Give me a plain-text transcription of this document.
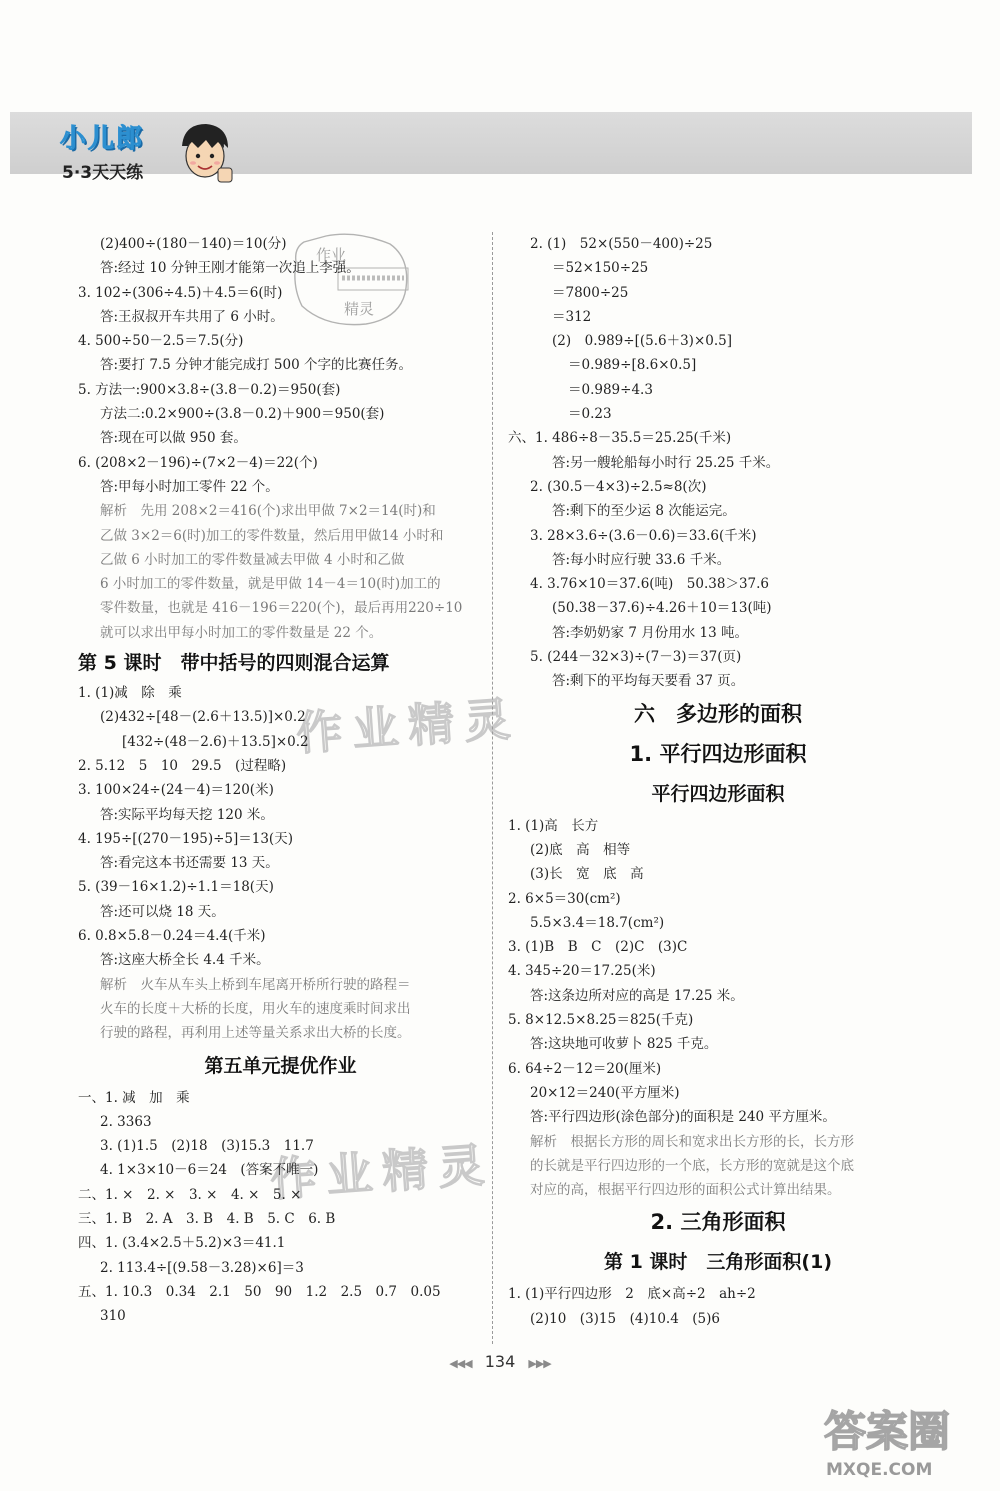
小儿郎
5·3天天练
作业
精灵
作业精灵
作业精灵
(2)400÷(180－140)＝10(分)
答:经过 10 分钟王刚才能第一次追上李强。
3. 102÷(306÷4.5)＋4.5＝6(时)
答:王叔叔开车共用了 6 小时。
4. 500÷50－2.5＝7.5(分)
答:要打 7.5 分钟才能完成打 500 个字的比赛任务。
5. 方法一:900×3.8÷(3.8－0.2)＝950(套)
方法二:0.2×900÷(3.8－0.2)＋900＝950(套)
答:现在可以做 950 套。
6. (208×2－196)÷(7×2－4)＝22(个)
答:甲每小时加工零件 22 个。
解析　先用 208×2＝416(个)求出甲做 7×2＝14(时)和
乙做 3×2＝6(时)加工的零件数量，然后用甲做14 小时和
乙做 6 小时加工的零件数量减去甲做 4 小时和乙做
6 小时加工的零件数量，就是甲做 14－4＝10(时)加工的
零件数量，也就是 416－196＝220(个)，最后再用220÷10
就可以求出甲每小时加工的零件数量是 22 个。
第 5 课时　带中括号的四则混合运算
1. (1)减　除　乘
(2)432÷[48－(2.6＋13.5)]×0.2
[432÷(48－2.6)＋13.5]×0.2
2. 5.12　5　10　29.5　(过程略)
3. 100×24÷(24－4)＝120(米)
答:实际平均每天挖 120 米。
4. 195÷[(270－195)÷5]＝13(天)
答:看完这本书还需要 13 天。
5. (39－16×1.2)÷1.1＝18(天)
答:还可以烧 18 天。
6. 0.8×5.8－0.24＝4.4(千米)
答:这座大桥全长 4.4 千米。
解析　火车从车头上桥到车尾离开桥所行驶的路程＝
火车的长度＋大桥的长度，用火车的速度乘时间求出
行驶的路程，再利用上述等量关系求出大桥的长度。
第五单元提优作业
一、1. 减　加　乘
2. 3363
3. (1)1.5　(2)18　(3)15.3　11.7
4. 1×3×10－6＝24　(答案不唯一)
二、1. ×　2. ×　3. ×　4. ×　5. ×
三、1. B　2. A　3. B　4. B　5. C　6. B
四、1. (3.4×2.5＋5.2)×3＝41.1
2. 113.4÷[(9.58－3.28)×6]＝3
五、1. 10.3　0.34　2.1　50　90　1.2　2.5　0.7　0.05
310
2. (1)　52×(550－400)÷25
＝52×150÷25
＝7800÷25
＝312
(2)　0.989÷[(5.6＋3)×0.5]
＝0.989÷[8.6×0.5]
＝0.989÷4.3
＝0.23
六、1. 486÷8－35.5＝25.25(千米)
答:另一艘轮船每小时行 25.25 千米。
2. (30.5－4×3)÷2.5≈8(次)
答:剩下的至少运 8 次能运完。
3. 28×3.6÷(3.6－0.6)＝33.6(千米)
答:每小时应行驶 33.6 千米。
4. 3.76×10＝37.6(吨)　50.38＞37.6
(50.38－37.6)÷4.26＋10＝13(吨)
答:李奶奶家 7 月份用水 13 吨。
5. (244－32×3)÷(7－3)＝37(页)
答:剩下的平均每天要看 37 页。
六　多边形的面积
1. 平行四边形面积
平行四边形面积
1. (1)高　长方
(2)底　高　相等
(3)长　宽　底　高
2. 6×5＝30(cm²)
5.5×3.4＝18.7(cm²)
3. (1)B　B　C　(2)C　(3)C
4. 345÷20＝17.25(米)
答:这条边所对应的高是 17.25 米。
5. 8×12.5×8.25＝825(千克)
答:这块地可收萝卜 825 千克。
6. 64÷2－12＝20(厘米)
20×12＝240(平方厘米)
答:平行四边形(涂色部分)的面积是 240 平方厘米。
解析　根据长方形的周长和宽求出长方形的长，长方形
的长就是平行四边形的一个底，长方形的宽就是这个底
对应的高，根据平行四边形的面积公式计算出结果。
2. 三角形面积
第 1 课时　三角形面积(1)
1. (1)平行四边形　2　底×高÷2　ah÷2
(2)10　(3)15　(4)10.4　(5)6
◀◀◀ 134 ▶▶▶
答案圈
MXQE.COM
